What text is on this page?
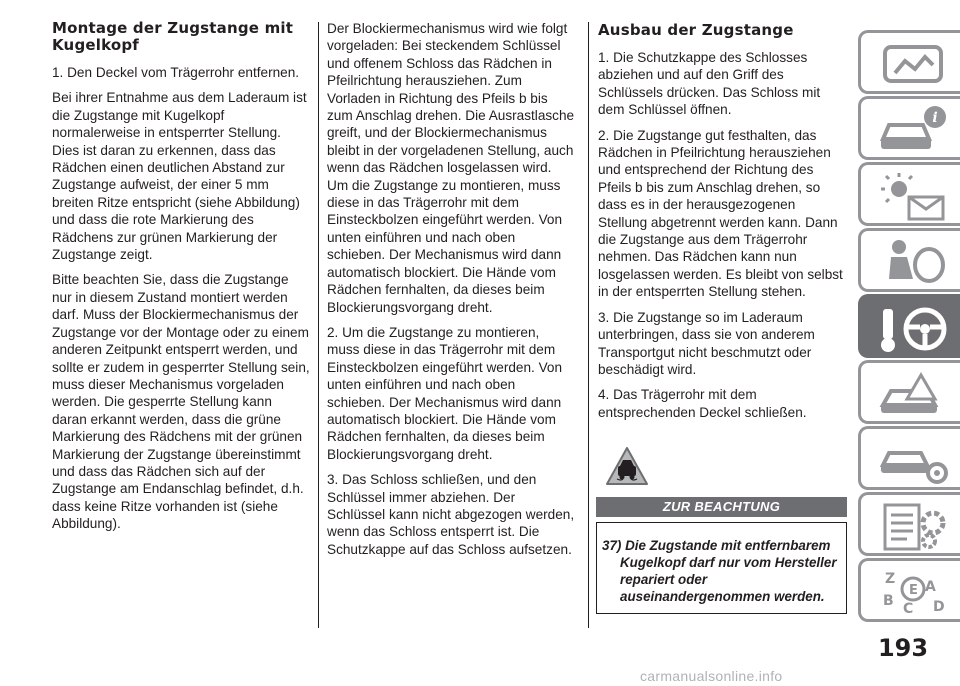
Montage der Zugstange mit Kugelkopf

1. Den Deckel vom Trägerrohr entfernen.

Bei ihrer Entnahme aus dem Laderaum ist die Zugstange mit Kugelkopf normalerweise in entsperrter Stellung. Dies ist daran zu erkennen, dass das Rädchen einen deutlichen Abstand zur Zugstange aufweist, der einer 5 mm breiten Ritze entspricht (siehe Abbildung) und dass die rote Markierung des Rädchens zur grünen Markierung der Zugstange zeigt.

Bitte beachten Sie, dass die Zugstange nur in diesem Zustand montiert werden darf. Muss der Blockiermechanismus der Zugstange vor der Montage oder zu einem anderen Zeitpunkt entsperrt werden, und sollte er zudem in gesperrter Stellung sein, muss dieser Mechanismus vorgeladen werden. Die gesperrte Stellung kann daran erkannt werden, dass die grüne Markierung des Rädchens mit der grünen Markierung der Zugstange übereinstimmt und dass das Rädchen sich auf der Zugstange am Endanschlag befindet, d.h. dass keine Ritze vorhanden ist (siehe Abbildung).

Der Blockiermechanismus wird wie folgt vorgeladen: Bei steckendem Schlüssel und offenem Schloss das Rädchen in Pfeilrichtung herausziehen. Zum Vorladen in Richtung des Pfeils b bis zum Anschlag drehen. Die Ausrastlasche greift, und der Blockiermechanismus bleibt in der vorgeladenen Stellung, auch wenn das Rädchen losgelassen wird. Um die Zugstange zu montieren, muss diese in das Trägerrohr mit dem Einsteckbolzen eingeführt werden. Von unten einführen und nach oben schieben. Der Mechanismus wird dann automatisch blockiert. Die Hände vom Rädchen fernhalten, da dieses beim Blockierungsvorgang dreht.

2. Um die Zugstange zu montieren, muss diese in das Trägerrohr mit dem Einsteckbolzen eingeführt werden. Von unten einführen und nach oben schieben. Der Mechanismus wird dann automatisch blockiert. Die Hände vom Rädchen fernhalten, da dieses beim Blockierungsvorgang dreht.

3. Das Schloss schließen, und den Schlüssel immer abziehen. Der Schlüssel kann nicht abgezogen werden, wenn das Schloss entsperrt ist. Die Schutzkappe auf das Schloss aufsetzen.

Ausbau der Zugstange

1. Die Schutzkappe des Schlosses abziehen und auf den Griff des Schlüssels drücken. Das Schloss mit dem Schlüssel öffnen.

2. Die Zugstange gut festhalten, das Rädchen in Pfeilrichtung herausziehen und entsprechend der Richtung des Pfeils b bis zum Anschlag drehen, so dass es in der herausgezogenen Stellung abgetrennt werden kann. Dann die Zugstange aus dem Trägerrohr nehmen. Das Rädchen kann nun losgelassen werden. Es bleibt von selbst in der entsperrten Stellung stehen.

3. Die Zugstange so im Laderaum unterbringen, dass sie von anderem Transportgut nicht beschmutzt oder beschädigt wird.

4. Das Trägerrohr mit dem entsprechenden Deckel schließen.

ZUR BEACHTUNG

37) Die Zugstande mit entfernbarem Kugelkopf darf nur vom Hersteller repariert oder auseinandergenommen werden.

i
Z A
B C D
E
193
carmanualsonline.info
